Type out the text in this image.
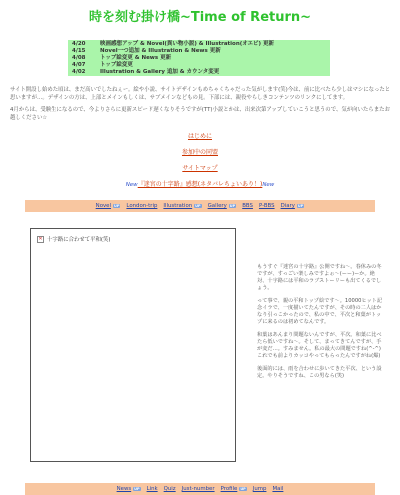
時を刻む掛け橋~Time of Return~
4/20	映画感想アップ & Novel(異い物小説) & Illustration(オエビ) 更新
4/15	Novel一つ追加 & Illustration & News 更新
4/08	トップ絵変更 & News 更新
4/07	トップ絵変更
4/02	Illustration & Gallery 追加 & カウンタ変更
サイト開設し始めた頃は、まだ高いでしたねぇー。絵や小説、サイトデザインもめちゃくちゃだった気がします(笑)今は、前に比べたら少しはマシになったと思いますが…。デザインの方は、上部とメインもしくは、サブメインなどもの見。下部には、親役やらしきコンテンツのリンクにしてます。
4月からは、受験生になるので、今よりさらに更新スピード遅くなりそうですが(TT)小説とかは、出来次第アップしていこうと思うので、気が向いたらまたお越しください☆
はじめに
参加中の同盟
サイトマップ
New『迷宮の十字路』感想(ネタバレちょいあり！)New
Novel UP London-trip Illustration UP Gallery UP BBS P-BBS Diary UP
✕ 十字路に合わせて平和(笑)

もうすぐ『迷宮の十字路』公開ですね〜。春休みの冬ですが、すっごい楽しみですよぉ〜(ーー)ーか。絶対、十字路には平和のラブストーリーも出てくるでしょう。

って事で、親の平和トップ絵です〜。10000ヒット記念イラで、一度描いてたんですが、その時の二人はかなり引っこかったので、私の中で、平次と和葉がトップに来るのは初めてなんです。

和葉はあんまり問題ないんですが、平次。和葉に比べたら低いですね〜。そして、まってきてんですが、手が変だ…。すみません。私の最大の問題ですね(^-^)これでも前よりカッコやってもらったんですがね(爆)

後面的には、雨を合わせに歩いてきた平次、という設定。やりそうですね、この男なら(笑)

News UP Link Quiz Just-number Profile UP Jump Mail
